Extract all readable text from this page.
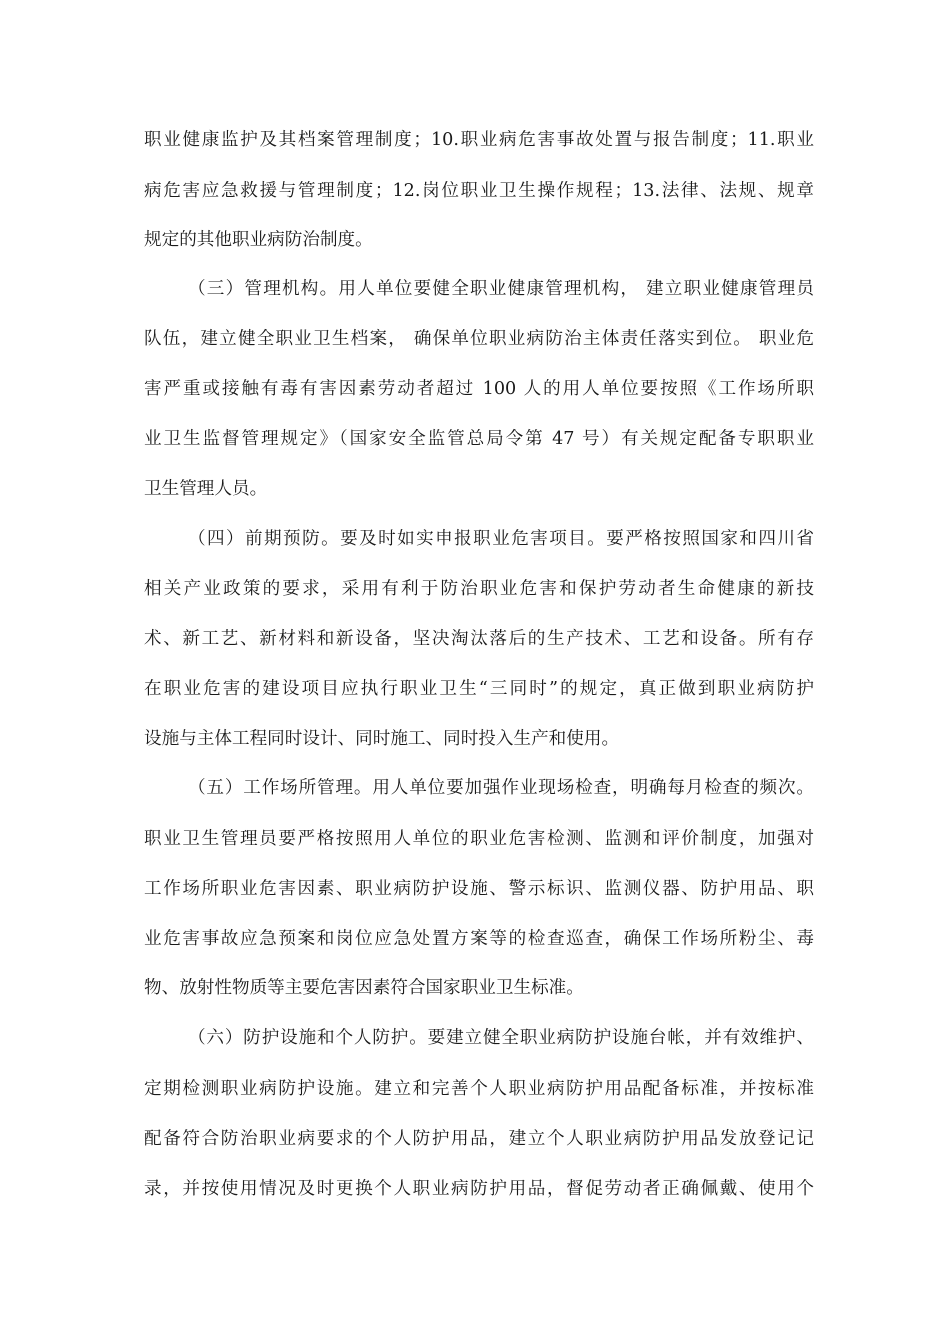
职业健康监护及其档案管理制度；10.职业病危害事故处置与报告制度；11.职业
病危害应急救援与管理制度；12.岗位职业卫生操作规程；13.法律、法规、规章
规定的其他职业病防治制度。
（三）管理机构。用人单位要健全职业健康管理机构， 建立职业健康管理员
队伍，建立健全职业卫生档案， 确保单位职业病防治主体责任落实到位。 职业危
害严重或接触有毒有害因素劳动者超过 100 人的用人单位要按照《工作场所职
业卫生监督管理规定》（国家安全监管总局令第 47 号）有关规定配备专职职业
卫生管理人员。
（四）前期预防。要及时如实申报职业危害项目。要严格按照国家和四川省
相关产业政策的要求，采用有利于防治职业危害和保护劳动者生命健康的新技
术、新工艺、新材料和新设备，坚决淘汰落后的生产技术、工艺和设备。所有存
在职业危害的建设项目应执行职业卫生“三同时”的规定，真正做到职业病防护
设施与主体工程同时设计、同时施工、同时投入生产和使用。
（五）工作场所管理。用人单位要加强作业现场检查，明确每月检查的频次。
职业卫生管理员要严格按照用人单位的职业危害检测、监测和评价制度，加强对
工作场所职业危害因素、职业病防护设施、警示标识、监测仪器、防护用品、职
业危害事故应急预案和岗位应急处置方案等的检查巡查，确保工作场所粉尘、毒
物、放射性物质等主要危害因素符合国家职业卫生标准。
（六）防护设施和个人防护。要建立健全职业病防护设施台帐，并有效维护、
定期检测职业病防护设施。建立和完善个人职业病防护用品配备标准，并按标准
配备符合防治职业病要求的个人防护用品，建立个人职业病防护用品发放登记记
录，并按使用情况及时更换个人职业病防护用品，督促劳动者正确佩戴、使用个
